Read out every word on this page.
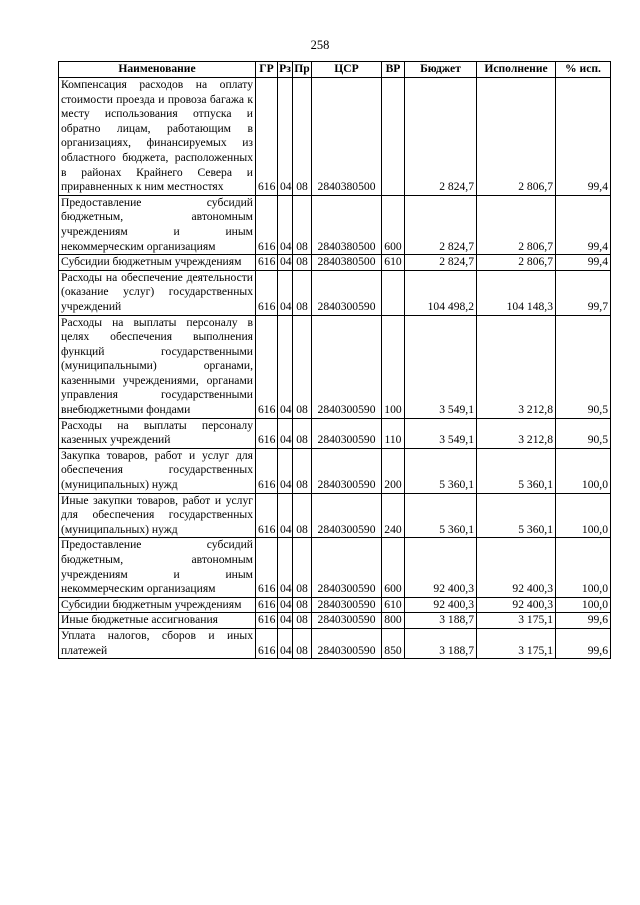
258
Наименование	ГР	Рз	Пр	ЦСР	ВР	Бюджет	Исполнение	% исп.
Компенсация расходов на оплату стоимости проезда и провоза багажа к месту использования отпуска и обратно лицам, работающим в организациях, финансируемых из областного бюджета, расположенных в районах Крайнего Севера и приравненных к ним местностях	616	04	08	2840380500		2 824,7	2 806,7	99,4
Предоставление субсидий бюджетным, автономным учреждениям и иным некоммерческим организациям	616	04	08	2840380500	600	2 824,7	2 806,7	99,4
Субсидии бюджетным учреждениям	616	04	08	2840380500	610	2 824,7	2 806,7	99,4
Расходы на обеспечение деятельности (оказание услуг) государственных учреждений	616	04	08	2840300590		104 498,2	104 148,3	99,7
Расходы на выплаты персоналу в целях обеспечения выполнения функций государственными (муниципальными) органами, казенными учреждениями, органами управления государственными внебюджетными фондами	616	04	08	2840300590	100	3 549,1	3 212,8	90,5
Расходы на выплаты персоналу казенных учреждений	616	04	08	2840300590	110	3 549,1	3 212,8	90,5
Закупка товаров, работ и услуг для обеспечения государственных (муниципальных) нужд	616	04	08	2840300590	200	5 360,1	5 360,1	100,0
Иные закупки товаров, работ и услуг для обеспечения государственных (муниципальных) нужд	616	04	08	2840300590	240	5 360,1	5 360,1	100,0
Предоставление субсидий бюджетным, автономным учреждениям и иным некоммерческим организациям	616	04	08	2840300590	600	92 400,3	92 400,3	100,0
Субсидии бюджетным учреждениям	616	04	08	2840300590	610	92 400,3	92 400,3	100,0
Иные бюджетные ассигнования	616	04	08	2840300590	800	3 188,7	3 175,1	99,6
Уплата налогов, сборов и иных платежей	616	04	08	2840300590	850	3 188,7	3 175,1	99,6
